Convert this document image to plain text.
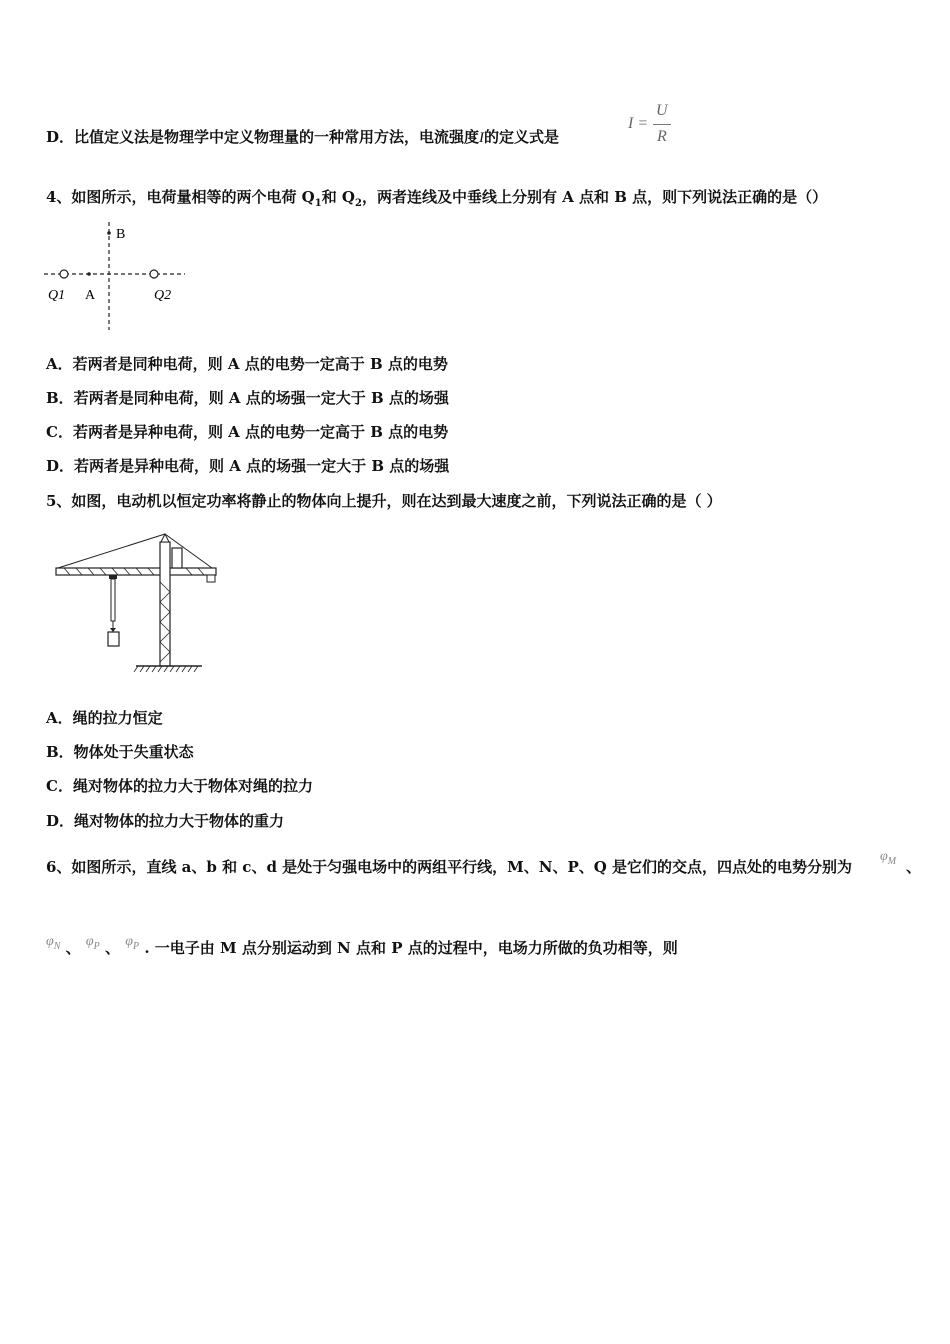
D．比值定义法是物理学中定义物理量的一种常用方法，电流强度I的定义式是
I =
U
R
4、如图所示，电荷量相等的两个电荷 $Q_1$和 $Q_2$，两者连线及中垂线上分别有 A 点和 B 点，则下列说法正确的是（）
B
A
Q1	Q2
A．若两者是同种电荷，则 A 点的电势一定高于 B 点的电势
B．若两者是同种电荷，则 A 点的场强一定大于 B 点的场强
C．若两者是异种电荷，则 A 点的电势一定高于 B 点的电势
D．若两者是异种电荷，则 A 点的场强一定大于 B 点的场强
5、如图，电动机以恒定功率将静止的物体向上提升，则在达到最大速度之前，下列说法正确的是（ ）
A．绳的拉力恒定
B．物体处于失重状态
C．绳对物体的拉力大于物体对绳的拉力
D．绳对物体的拉力大于物体的重力
6、如图所示，直线 a、b 和 c、d 是处于匀强电场中的两组平行线，M、N、P、Q 是它们的交点，四点处的电势分别为
$\varphi_M$ 、
$\varphi_N$ 、 $\varphi_P$ 、 $\varphi_P$ . 一电子由 M 点分别运动到 N 点和 P 点的过程中，电场力所做的负功相等，则
